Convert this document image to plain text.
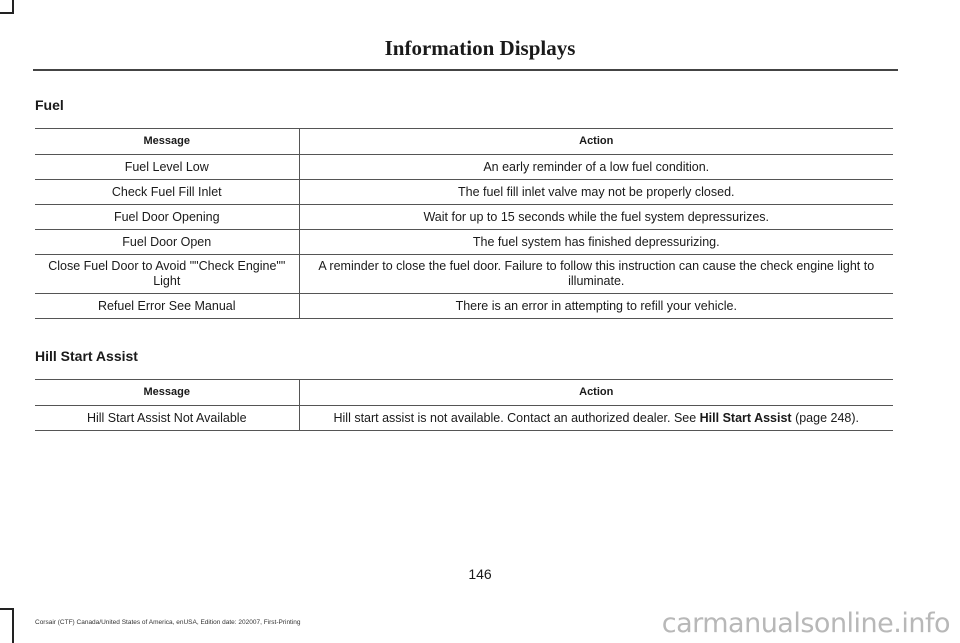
Information Displays
Fuel
Message	Action
Fuel Level Low	An early reminder of a low fuel condition.
Check Fuel Fill Inlet	The fuel fill inlet valve may not be properly closed.
Fuel Door Opening	Wait for up to 15 seconds while the fuel system depressurizes.
Fuel Door Open	The fuel system has finished depressurizing.
Close Fuel Door to Avoid ""Check Engine"" Light	A reminder to close the fuel door. Failure to follow this instruction can cause the check engine light to illuminate.
Refuel Error See Manual	There is an error in attempting to refill your vehicle.
Hill Start Assist
Message	Action
Hill Start Assist Not Available	Hill start assist is not available. Contact an authorized dealer. See Hill Start Assist (page 248).
146
Corsair (CTF) Canada/United States of America, enUSA, Edition date: 202007, First-Printing	carmanualsonline.info
